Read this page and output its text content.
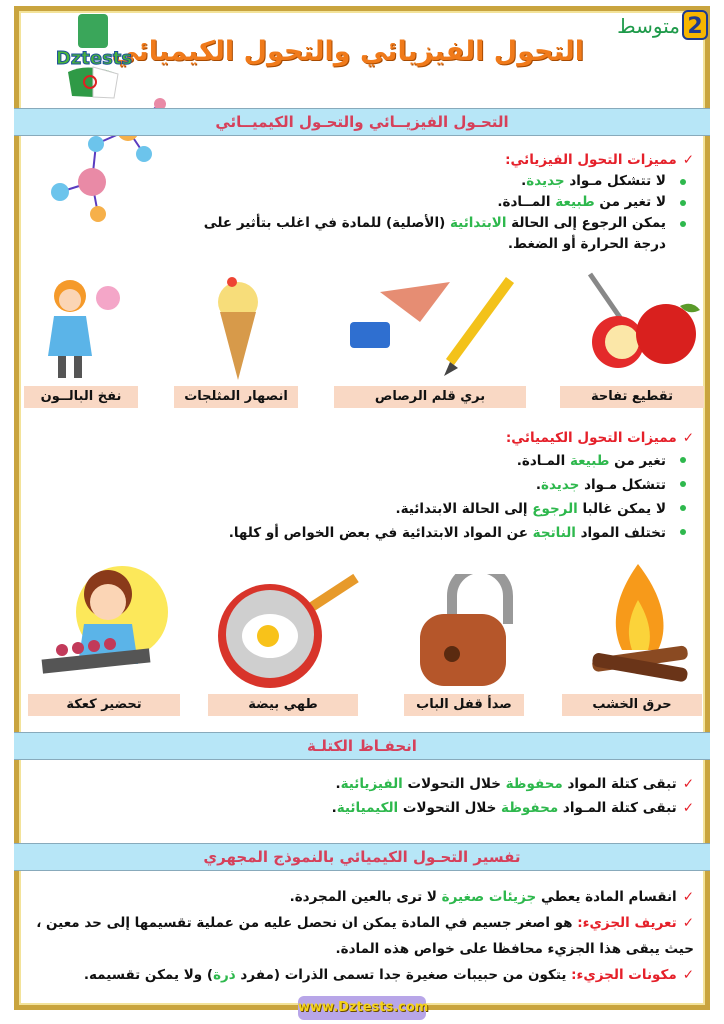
2
متوسط
التحول الفيزيائي والتحول الكيميائي
Dztests
التحـول الفيزيــائي والتحـول الكيميــائي
✓مميزات التحول الفيزيائي:
لا تتشكل مـواد جديدة.
لا تغير من طبيعة المــادة.
يمكن الرجوع إلى الحالة الابتدائية (الأصلية) للمادة في اغلب بتأثير على درجة الحرارة أو الضغط.
تقطيع تفاحة
بري قلم الرصاص
انصهار المثلجات
نفخ البالــون
✓مميزات التحول الكيميائي:
تغير من طبيعة المـادة.
تتشكل مـواد جديدة.
لا يمكن غالبا الرجوع إلى الحالة الابتدائية.
تختلف المواد الناتجة عن المواد الابتدائية في بعض الخواص أو كلها.
حرق الخشب
صدأ قفل الباب
طهي بيضة
تحضير كعكة
انحفـاظ الكتلـة
✓تبقى كتلة المواد محفوظة خلال التحولات الفيزيائية.
✓تبقى كتلة المـواد محفوظة خلال التحولات الكيميائية.
تفسير التحـول الكيميائي بالنموذج المجهري
✓انقسام المادة يعطي جزيئات صغيرة لا ترى بالعين المجردة.
✓تعريف الجزيء: هو اصغر جسيم في المادة يمكن ان نحصل عليه من عملية تقسيمها إلى حد معين ، حيث يبقى هذا الجزيء محافظا على خواص هذه المادة.
✓مكونات الجزيء: يتكون من حبيبات صغيرة جدا تسمى الذرات (مفرد ذرة) ولا يمكن تقسيمه.
www.Dztests.com
